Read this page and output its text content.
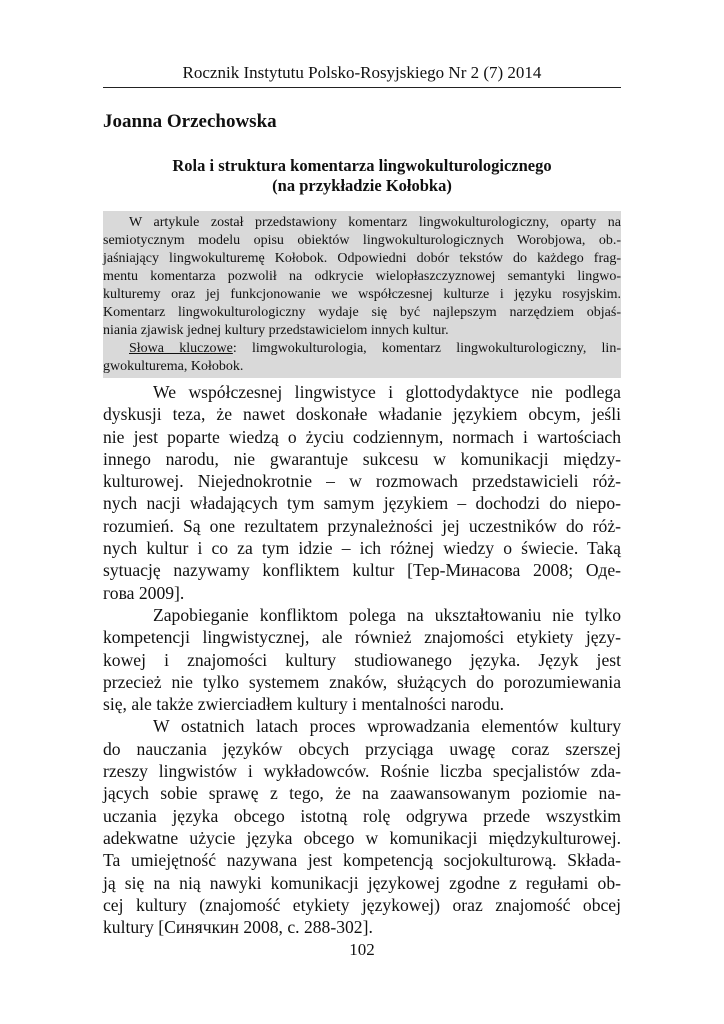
Rocznik Instytutu Polsko-Rosyjskiego Nr 2 (7) 2014
Joanna Orzechowska
Rola i struktura komentarza lingwokulturologicznego
(na przykładzie Kołobka)
W artykule został przedstawiony komentarz lingwokulturologiczny, oparty na
semiotycznym modelu opisu obiektów lingwokulturologicznych Worobjowa, ob.-
jaśniający lingwokulturemę Kołobok. Odpowiedni dobór tekstów do każdego frag-
mentu komentarza pozwolił na odkrycie wielopłaszczyznowej semantyki lingwo-
kulturemy oraz jej funkcjonowanie we współczesnej kulturze i języku rosyjskim.
Komentarz lingwokulturologiczny wydaje się być najlepszym narzędziem objaś-
niania zjawisk jednej kultury przedstawicielom innych kultur.
Słowa kluczowe: limgwokulturologia, komentarz lingwokulturologiczny, lin-
gwokulturema, Kołobok.
We współczesnej lingwistyce i glottodydaktyce nie podlega
dyskusji teza, że nawet doskonałe władanie językiem obcym, jeśli
nie jest poparte wiedzą o życiu codziennym, normach i wartościach
innego narodu, nie gwarantuje sukcesu w komunikacji między-
kulturowej. Niejednokrotnie – w rozmowach przedstawicieli róż-
nych nacji władających tym samym językiem – dochodzi do niepo-
rozumień. Są one rezultatem przynależności jej uczestników do róż-
nych kultur i co za tym idzie – ich różnej wiedzy o świecie. Taką
sytuację nazywamy konfliktem kultur [Тер-Минасова 2008; Оде-
гова 2009].
Zapobieganie konfliktom polega na ukształtowaniu nie tylko
kompetencji lingwistycznej, ale również znajomości etykiety języ-
kowej i znajomości kultury studiowanego języka. Język jest
przecież nie tylko systemem znaków, służących do porozumiewania
się, ale także zwierciadłem kultury i mentalności narodu.
W ostatnich latach proces wprowadzania elementów kultury
do nauczania języków obcych przyciąga uwagę coraz szerszej
rzeszy lingwistów i wykładowców. Rośnie liczba specjalistów zda-
jących sobie sprawę z tego, że na zaawansowanym poziomie na-
uczania języka obcego istotną rolę odgrywa przede wszystkim
adekwatne użycie języka obcego w komunikacji międzykulturowej.
Ta umiejętność nazywana jest kompetencją socjokulturową. Składa-
ją się na nią nawyki komunikacji językowej zgodne z regułami ob-
cej kultury (znajomość etykiety językowej) oraz znajomość obcej
kultury [Синячкин 2008, с. 288-302].
102
